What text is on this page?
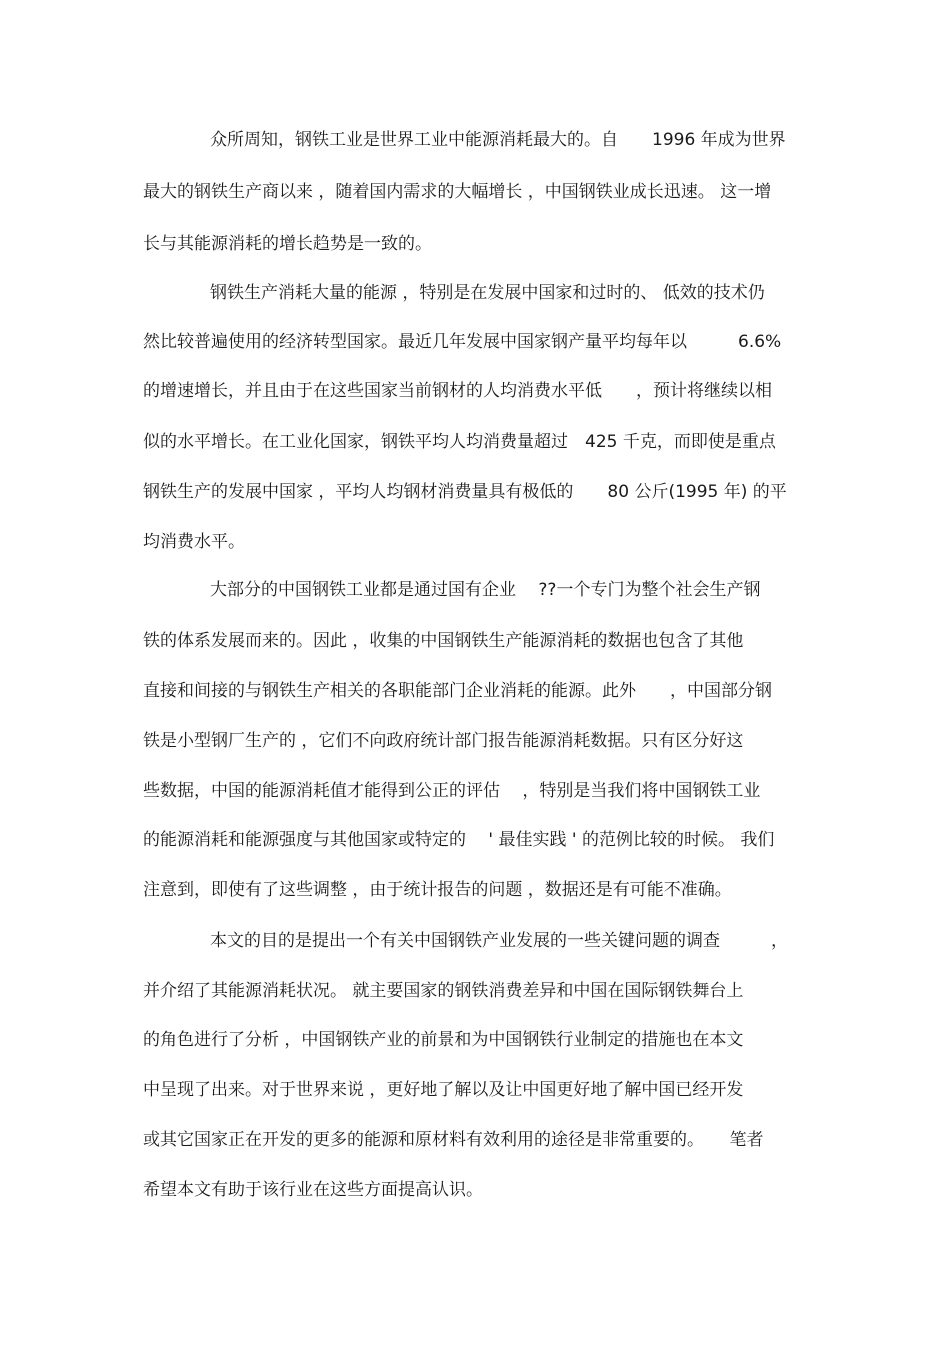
众所周知，钢铁工业是世界工业中能源消耗最大的。自　　1996 年成为世界
最大的钢铁生产商以来 ，随着国内需求的大幅增长 ，中国钢铁业成长迅速。 这一增
长与其能源消耗的增长趋势是一致的。
钢铁生产消耗大量的能源 ，特别是在发展中国家和过时的、 低效的技术仍
然比较普遍使用的经济转型国家。最近几年发展中国家钢产量平均每年以　　　6.6%
的增速增长，并且由于在这些国家当前钢材的人均消费水平低　　，预计将继续以相
似的水平增长。在工业化国家，钢铁平均人均消费量超过　425 千克，而即使是重点
钢铁生产的发展中国家 ，平均人均钢材消费量具有极低的　　80 公斤(1995 年) 的平
均消费水平。
大部分的中国钢铁工业都是通过国有企业　 ??一个专门为整个社会生产钢
铁的体系发展而来的。因此 ，收集的中国钢铁生产能源消耗的数据也包含了其他
直接和间接的与钢铁生产相关的各职能部门企业消耗的能源。此外　　，中国部分钢
铁是小型钢厂生产的 ，它们不向政府统计部门报告能源消耗数据。只有区分好这
些数据，中国的能源消耗值才能得到公正的评估　 ，特别是当我们将中国钢铁工业
的能源消耗和能源强度与其他国家或特定的　 ' 最佳实践 ' 的范例比较的时候。 我们
注意到，即使有了这些调整 ，由于统计报告的问题 ，数据还是有可能不准确。
本文的目的是提出一个有关中国钢铁产业发展的一些关键问题的调查　　　，
并介绍了其能源消耗状况。 就主要国家的钢铁消费差异和中国在国际钢铁舞台上
的角色进行了分析 ，中国钢铁产业的前景和为中国钢铁行业制定的措施也在本文
中呈现了出来。对于世界来说 ，更好地了解以及让中国更好地了解中国已经开发
或其它国家正在开发的更多的能源和原材料有效利用的途径是非常重要的。　　笔者
希望本文有助于该行业在这些方面提高认识。
